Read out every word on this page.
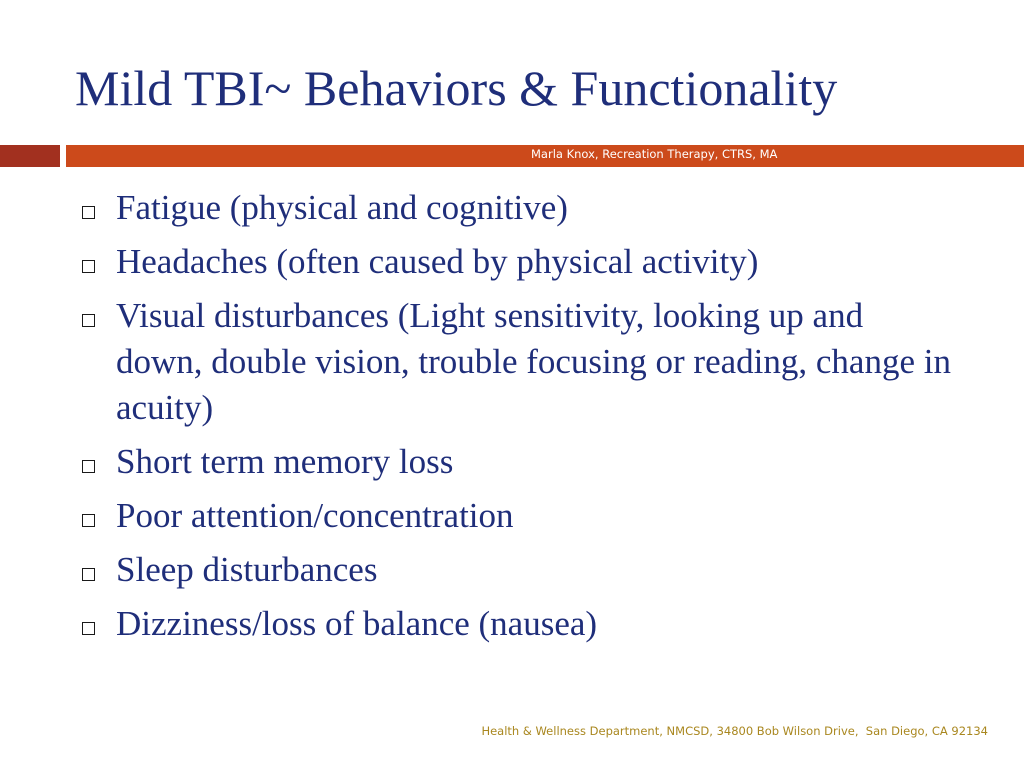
Mild TBI~ Behaviors & Functionality

Marla Knox, Recreation Therapy, CTRS, MA

Fatigue (physical and cognitive)
Headaches (often caused by physical activity)
Visual disturbances (Light sensitivity, looking up and down, double vision, trouble focusing or reading, change in acuity)
Short term memory loss
Poor attention/concentration
Sleep disturbances
Dizziness/loss of balance (nausea)

Health & Wellness Department, NMCSD, 34800 Bob Wilson Drive,  San Diego, CA 92134
